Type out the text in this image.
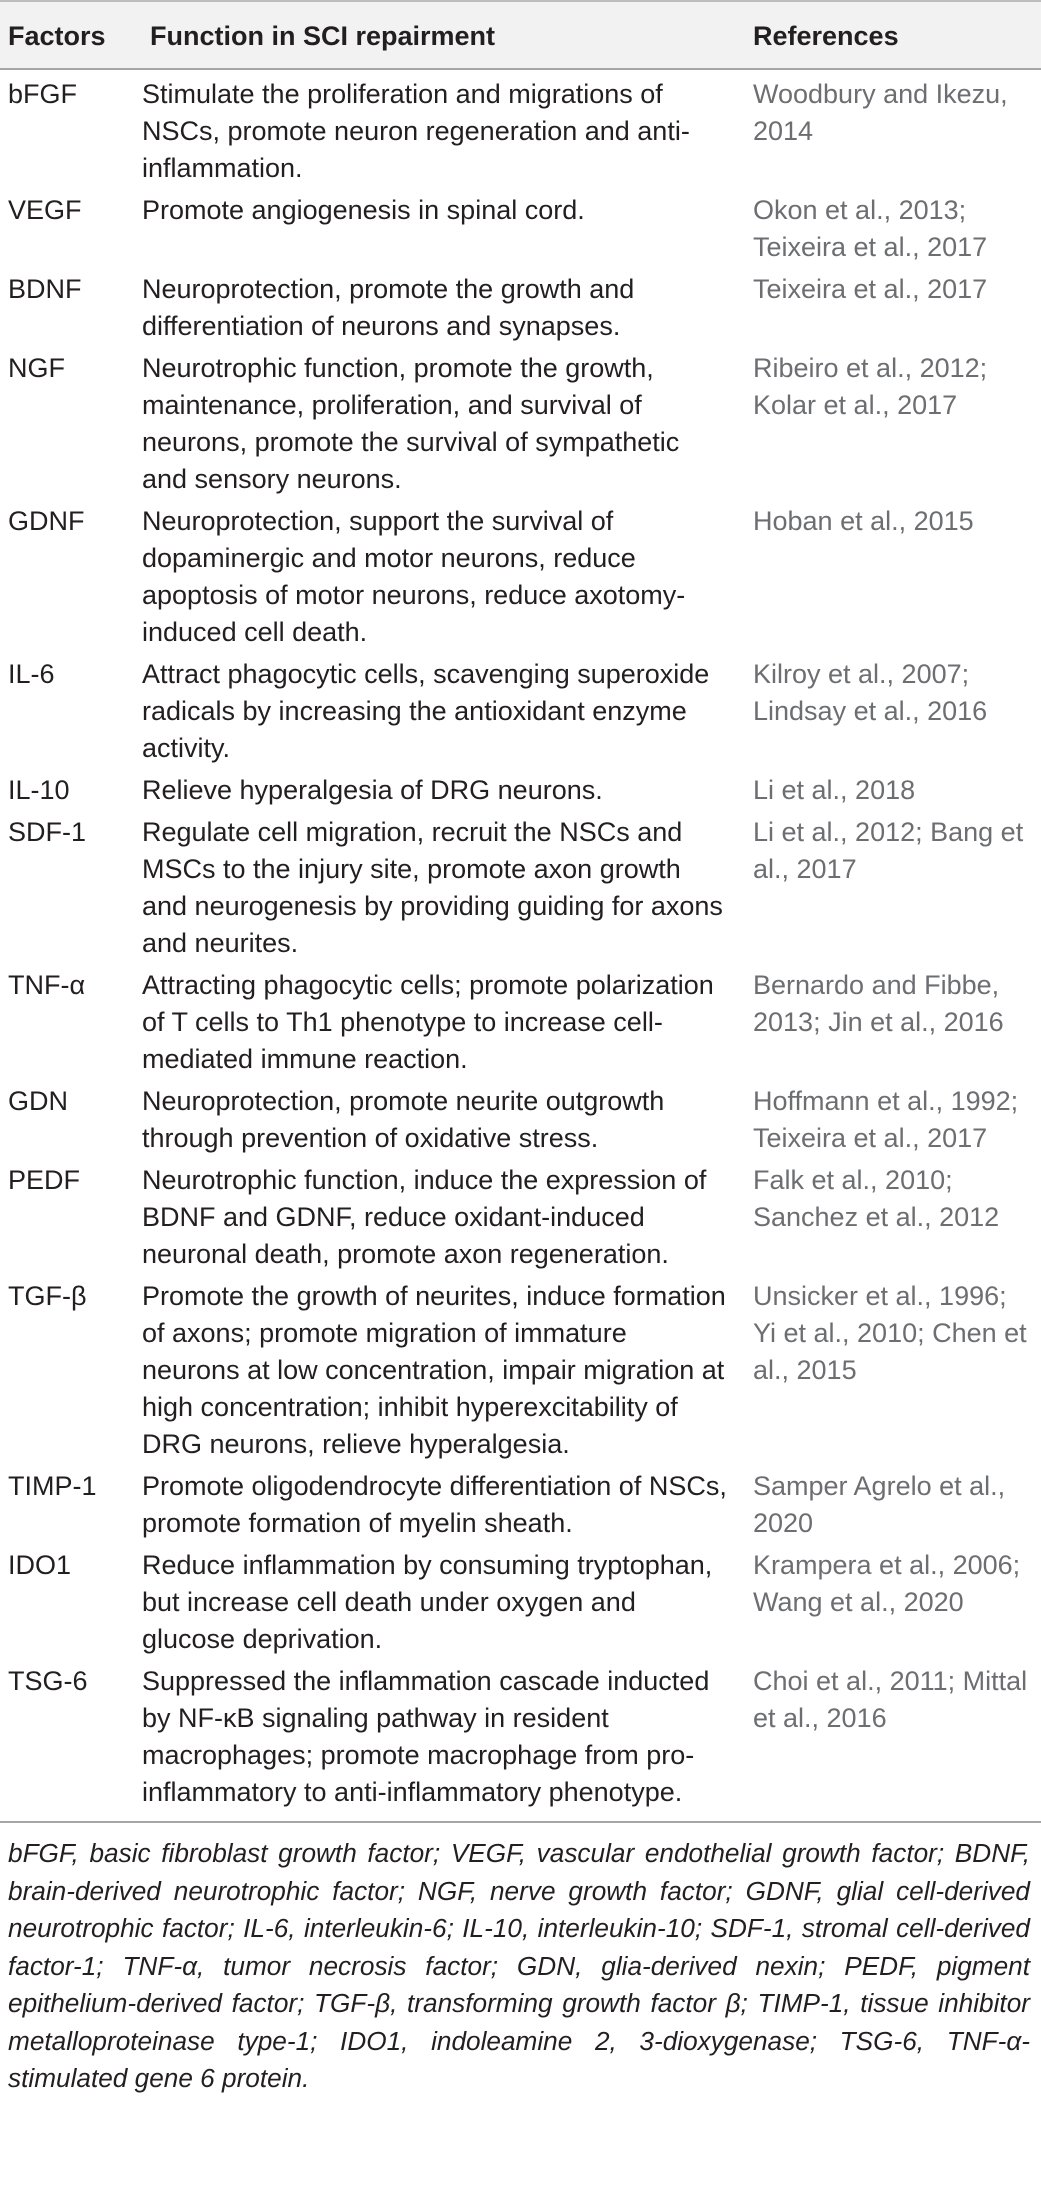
Factors	Function in SCI repairment	References
bFGF	Stimulate the proliferation and migrations of NSCs, promote neuron regeneration and anti-inflammation.	Woodbury and Ikezu, 2014
VEGF	Promote angiogenesis in spinal cord.	Okon et al., 2013; Teixeira et al., 2017
BDNF	Neuroprotection, promote the growth and differentiation of neurons and synapses.	Teixeira et al., 2017
NGF	Neurotrophic function, promote the growth, maintenance, proliferation, and survival of neurons, promote the survival of sympathetic and sensory neurons.	Ribeiro et al., 2012; Kolar et al., 2017
GDNF	Neuroprotection, support the survival of dopaminergic and motor neurons, reduce apoptosis of motor neurons, reduce axotomy-induced cell death.	Hoban et al., 2015
IL-6	Attract phagocytic cells, scavenging superoxide radicals by increasing the antioxidant enzyme activity.	Kilroy et al., 2007; Lindsay et al., 2016
IL-10	Relieve hyperalgesia of DRG neurons.	Li et al., 2018
SDF-1	Regulate cell migration, recruit the NSCs and MSCs to the injury site, promote axon growth and neurogenesis by providing guiding for axons and neurites.	Li et al., 2012; Bang et al., 2017
TNF-α	Attracting phagocytic cells; promote polarization of T cells to Th1 phenotype to increase cell-mediated immune reaction.	Bernardo and Fibbe, 2013; Jin et al., 2016
GDN	Neuroprotection, promote neurite outgrowth through prevention of oxidative stress.	Hoffmann et al., 1992; Teixeira et al., 2017
PEDF	Neurotrophic function, induce the expression of BDNF and GDNF, reduce oxidant-induced neuronal death, promote axon regeneration.	Falk et al., 2010; Sanchez et al., 2012
TGF-β	Promote the growth of neurites, induce formation of axons; promote migration of immature neurons at low concentration, impair migration at high concentration; inhibit hyperexcitability of DRG neurons, relieve hyperalgesia.	Unsicker et al., 1996; Yi et al., 2010; Chen et al., 2015
TIMP-1	Promote oligodendrocyte differentiation of NSCs, promote formation of myelin sheath.	Samper Agrelo et al., 2020
IDO1	Reduce inflammation by consuming tryptophan, but increase cell death under oxygen and glucose deprivation.	Krampera et al., 2006; Wang et al., 2020
TSG-6	Suppressed the inflammation cascade inducted by NF-κB signaling pathway in resident macrophages; promote macrophage from pro-inflammatory to anti-inflammatory phenotype.	Choi et al., 2011; Mittal et al., 2016
bFGF, basic fibroblast growth factor; VEGF, vascular endothelial growth factor; BDNF, brain-derived neurotrophic factor; NGF, nerve growth factor; GDNF, glial cell-derived neurotrophic factor; IL-6, interleukin-6; IL-10, interleukin-10; SDF-1, stromal cell-derived factor-1; TNF-α, tumor necrosis factor; GDN, glia-derived nexin; PEDF, pigment epithelium-derived factor; TGF-β, transforming growth factor β; TIMP-1, tissue inhibitor metalloproteinase type-1; IDO1, indoleamine 2, 3-dioxygenase; TSG-6, TNF-α-stimulated gene 6 protein.
